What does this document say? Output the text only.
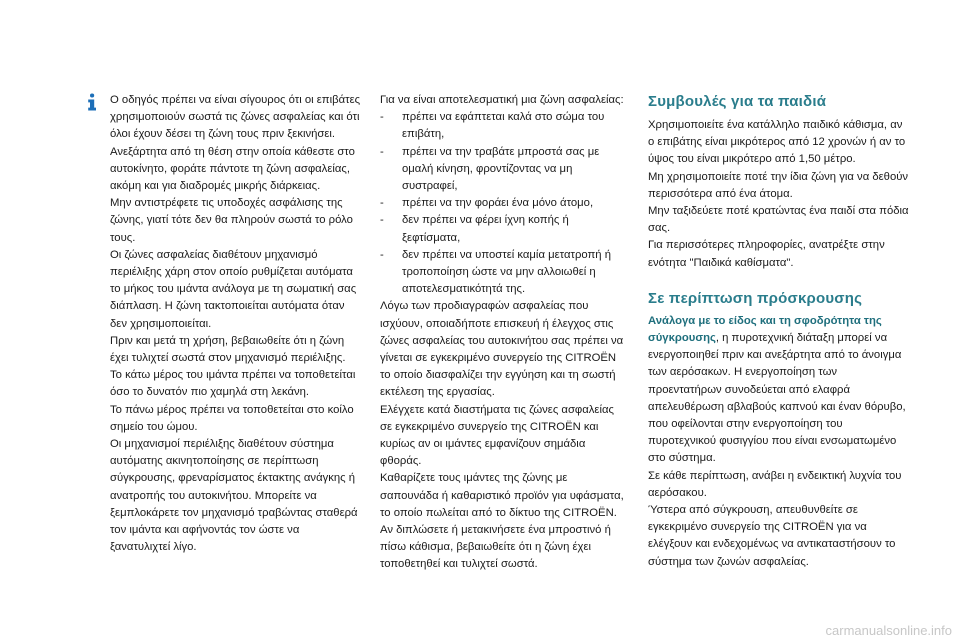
Ο οδηγός πρέπει να είναι σίγουρος ότι οι επιβάτες χρησιμοποιούν σωστά τις ζώνες ασφαλείας και ότι όλοι έχουν δέσει τη ζώνη τους πριν ξεκινήσει.

Ανεξάρτητα από τη θέση στην οποία κάθεστε στο αυτοκίνητο, φοράτε πάντοτε τη ζώνη ασφαλείας, ακόμη και για διαδρομές μικρής διάρκειας.

Μην αντιστρέφετε τις υποδοχές ασφάλισης της ζώνης, γιατί τότε δεν θα πληρούν σωστά το ρόλο τους.

Οι ζώνες ασφαλείας διαθέτουν μηχανισμό περιέλιξης χάρη στον οποίο ρυθμίζεται αυτόματα το μήκος του ιμάντα ανάλογα με τη σωματική σας διάπλαση. Η ζώνη τακτοποιείται αυτόματα όταν δεν χρησιμοποιείται.

Πριν και μετά τη χρήση, βεβαιωθείτε ότι η ζώνη έχει τυλιχτεί σωστά στον μηχανισμό περιέλιξης.

Το κάτω μέρος του ιμάντα πρέπει να τοποθετείται όσο το δυνατόν πιο χαμηλά στη λεκάνη.

Το πάνω μέρος πρέπει να τοποθετείται στο κοίλο σημείο του ώμου.

Οι μηχανισμοί περιέλιξης διαθέτουν σύστημα αυτόματης ακινητοποίησης σε περίπτωση σύγκρουσης, φρεναρίσματος έκτακτης ανάγκης ή ανατροπής του αυτοκινήτου. Μπορείτε να ξεμπλοκάρετε τον μηχανισμό τραβώντας σταθερά τον ιμάντα και αφήνοντάς τον ώστε να ξανατυλιχτεί λίγο.

Για να είναι αποτελεσματική μια ζώνη ασφαλείας:

- πρέπει να εφάπτεται καλά στο σώμα του επιβάτη,
- πρέπει να την τραβάτε μπροστά σας με ομαλή κίνηση, φροντίζοντας να μη συστραφεί,
- πρέπει να την φοράει ένα μόνο άτομο,
- δεν πρέπει να φέρει ίχνη κοπής ή ξεφτίσματα,
- δεν πρέπει να υποστεί καμία μετατροπή ή τροποποίηση ώστε να μην αλλοιωθεί η αποτελεσματικότητά της.

Λόγω των προδιαγραφών ασφαλείας που ισχύουν, οποιαδήποτε επισκευή ή έλεγχος στις ζώνες ασφαλείας του αυτοκινήτου σας πρέπει να γίνεται σε εγκεκριμένο συνεργείο της CITROËN το οποίο διασφαλίζει την εγγύηση και τη σωστή εκτέλεση της εργασίας.

Ελέγχετε κατά διαστήματα τις ζώνες ασφαλείας σε εγκεκριμένο συνεργείο της CITROËN και κυρίως αν οι ιμάντες εμφανίζουν σημάδια φθοράς.

Καθαρίζετε τους ιμάντες της ζώνης με σαπουνάδα ή καθαριστικό προϊόν για υφάσματα, το οποίο πωλείται από το δίκτυο της CITROËN.

Αν διπλώσετε ή μετακινήσετε ένα μπροστινό ή πίσω κάθισμα, βεβαιωθείτε ότι η ζώνη έχει τοποθετηθεί και τυλιχτεί σωστά.

Συμβουλές για τα παιδιά

Χρησιμοποιείτε ένα κατάλληλο παιδικό κάθισμα, αν ο επιβάτης είναι μικρότερος από 12 χρονών ή αν το ύψος του είναι μικρότερο από 1,50 μέτρο.

Μη χρησιμοποιείτε ποτέ την ίδια ζώνη για να δεθούν περισσότερα από ένα άτομα.

Μην ταξιδεύετε ποτέ κρατώντας ένα παιδί στα πόδια σας.

Για περισσότερες πληροφορίες, ανατρέξτε στην ενότητα "Παιδικά καθίσματα".

Σε περίπτωση πρόσκρουσης

Ανάλογα με το είδος και τη σφοδρότητα της σύγκρουσης, η πυροτεχνική διάταξη μπορεί να ενεργοποιηθεί πριν και ανεξάρτητα από το άνοιγμα των αερόσακων. Η ενεργοποίηση των προεντατήρων συνοδεύεται από ελαφρά απελευθέρωση αβλαβούς καπνού και έναν θόρυβο, που οφείλονται στην ενεργοποίηση του πυροτεχνικού φυσιγγίου που είναι ενσωματωμένο στο σύστημα.

Σε κάθε περίπτωση, ανάβει η ενδεικτική λυχνία του αερόσακου.

Ύστερα από σύγκρουση, απευθυνθείτε σε εγκεκριμένο συνεργείο της CITROËN για να ελέγξουν και ενδεχομένως να αντικαταστήσουν το σύστημα των ζωνών ασφαλείας.

carmanualsonline.info
